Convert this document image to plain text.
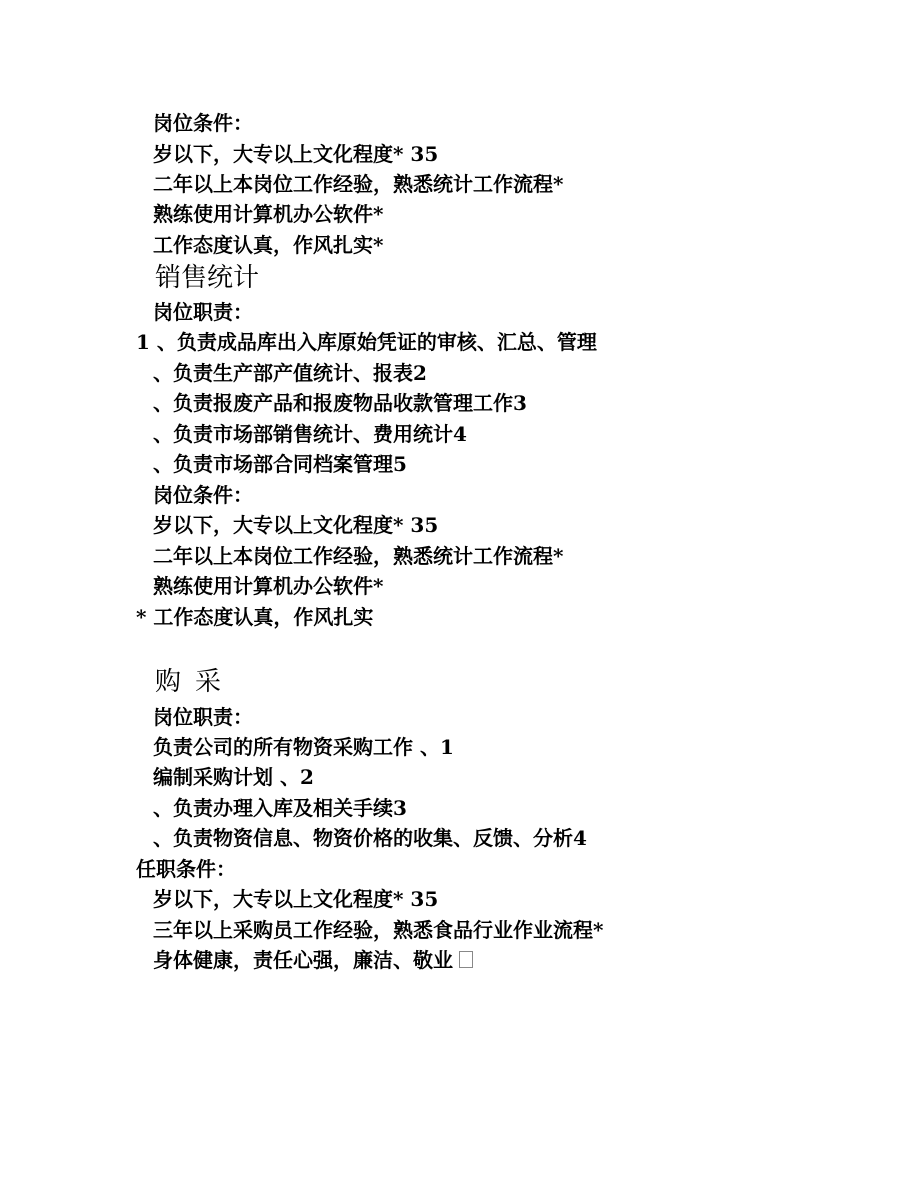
岗位条件：
岁以下，大专以上文化程度* 35
二年以上本岗位工作经验，熟悉统计工作流程*
熟练使用计算机办公软件*
工作态度认真，作风扎实*
销售统计
岗位职责：
1 、负责成品库出入库原始凭证的审核、汇总、管理
、负责生产部产值统计、报表2
、负责报废产品和报废物品收款管理工作3
、负责市场部销售统计、费用统计4
、负责市场部合同档案管理5
岗位条件：
岁以下，大专以上文化程度* 35
二年以上本岗位工作经验，熟悉统计工作流程*
熟练使用计算机办公软件*
* 工作态度认真，作风扎实
购采
岗位职责：
负责公司的所有物资采购工作 、1
编制采购计划 、2
、负责办理入库及相关手续3
、负责物资信息、物资价格的收集、反馈、分析4
任职条件：
岁以下，大专以上文化程度* 35
三年以上采购员工作经验，熟悉食品行业作业流程*
身体健康，责任心强，廉洁、敬业
